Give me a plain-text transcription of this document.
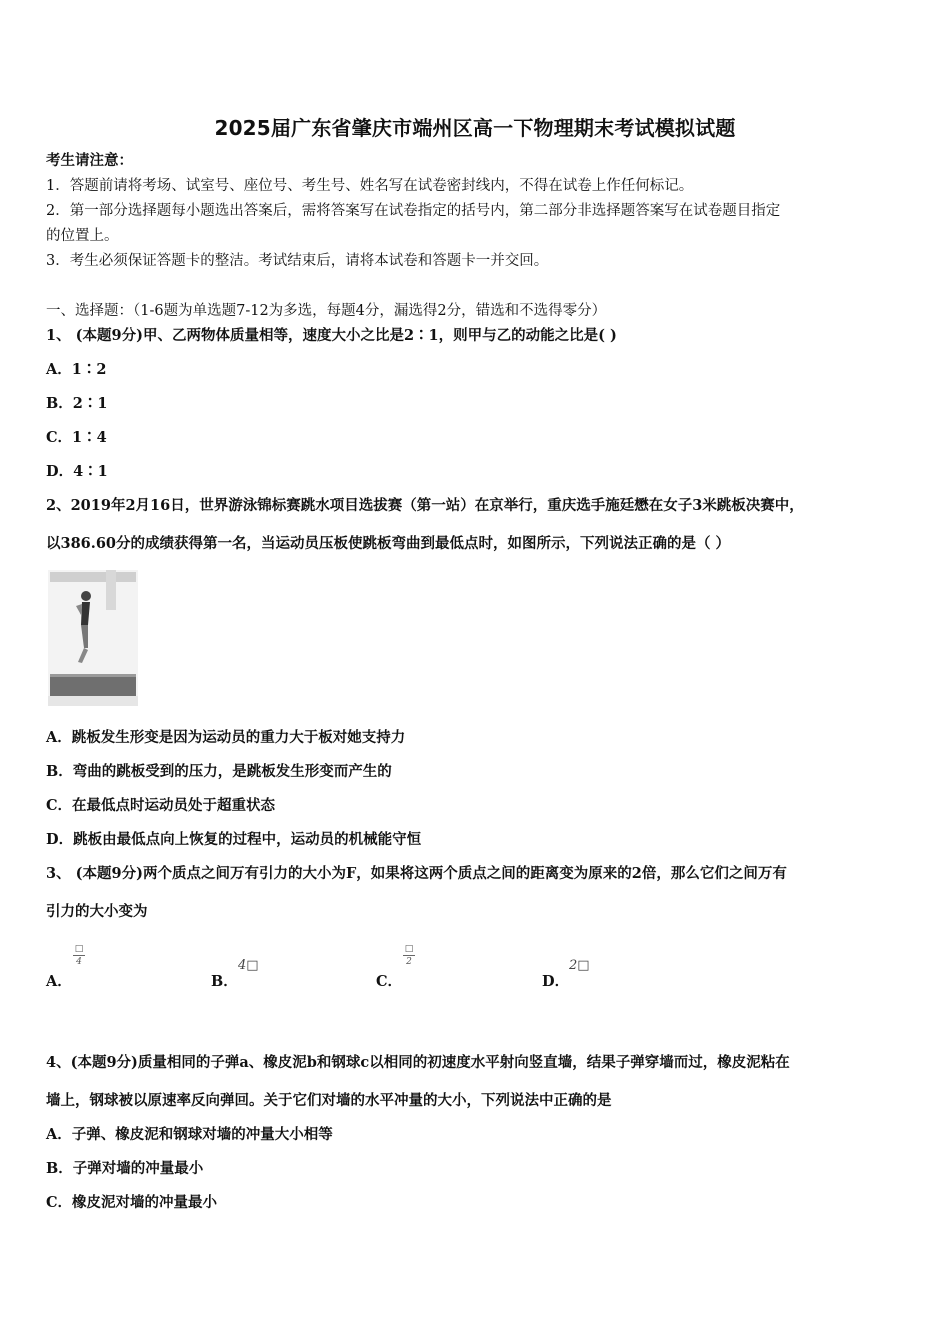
2025届广东省肇庆市端州区高一下物理期末考试模拟试题
考生请注意：
1．答题前请将考场、试室号、座位号、考生号、姓名写在试卷密封线内，不得在试卷上作任何标记。
2．第一部分选择题每小题选出答案后，需将答案写在试卷指定的括号内，第二部分非选择题答案写在试卷题目指定
的位置上。
3．考生必须保证答题卡的整洁。考试结束后，请将本试卷和答题卡一并交回。
一、选择题：（1-6题为单选题7-12为多选，每题4分，漏选得2分，错选和不选得零分）
1、 (本题9分)甲、乙两物体质量相等，速度大小之比是2∶1，则甲与乙的动能之比是( )
A．1∶2
B．2∶1
C．1∶4
D．4∶1
2、2019年2月16日，世界游泳锦标赛跳水项目选拔赛（第一站）在京举行，重庆选手施廷懋在女子3米跳板决赛中，
以386.60分的成绩获得第一名，当运动员压板使跳板弯曲到最低点时，如图所示，下列说法正确的是（ ）
A．跳板发生形变是因为运动员的重力大于板对她支持力
B．弯曲的跳板受到的压力，是跳板发生形变而产生的
C．在最低点时运动员处于超重状态
D．跳板由最低点向上恢复的过程中，运动员的机械能守恒
3、 (本题9分)两个质点之间万有引力的大小为F，如果将这两个质点之间的距离变为原来的2倍，那么它们之间万有
引力的大小变为
A．
□
4
B．
4□
C．
□
2
D．
2□
4、(本题9分)质量相同的子弹a、橡皮泥b和钢球c以相同的初速度水平射向竖直墙，结果子弹穿墙而过，橡皮泥粘在
墙上，钢球被以原速率反向弹回。关于它们对墙的水平冲量的大小，下列说法中正确的是
A．子弹、橡皮泥和钢球对墙的冲量大小相等
B．子弹对墙的冲量最小
C．橡皮泥对墙的冲量最小
